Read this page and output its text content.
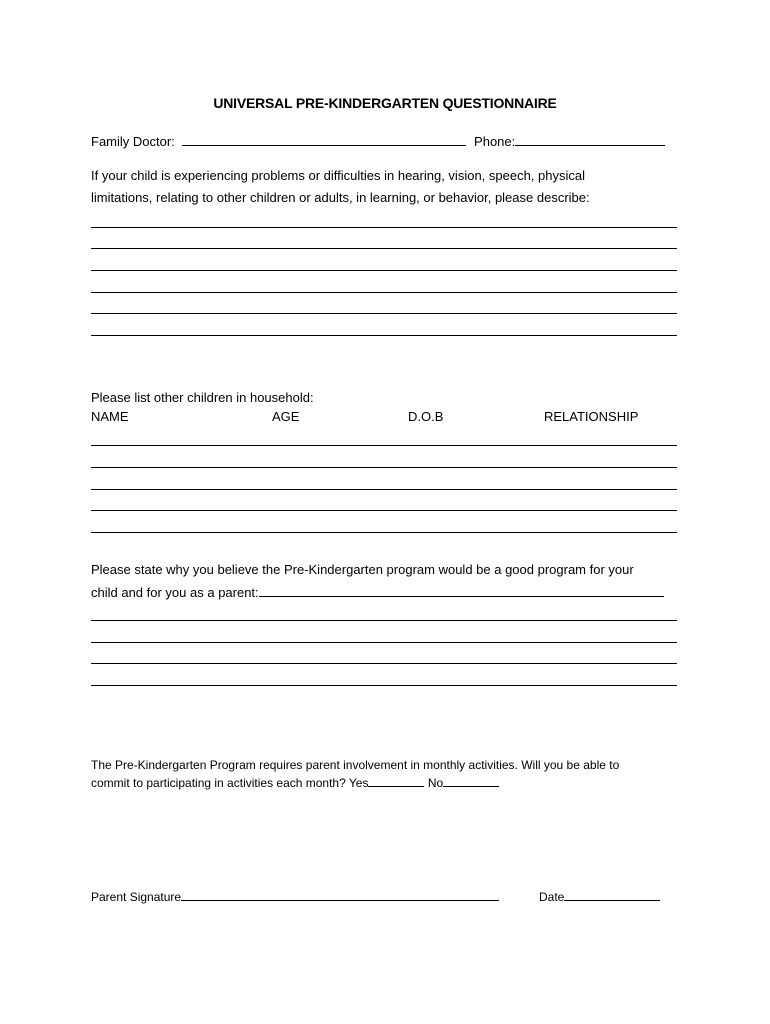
UNIVERSAL PRE-KINDERGARTEN QUESTIONNAIRE
Family Doctor:	Phone:
If your child is experiencing problems or difficulties in hearing, vision, speech, physical
limitations, relating to other children or adults, in learning, or behavior, please describe:
Please list other children in household:
NAME	AGE	D.O.B	RELATIONSHIP
Please state why you believe the Pre-Kindergarten program would be a good program for your
child and for you as a parent:
The Pre-Kindergarten Program requires parent involvement in monthly activities. Will you be able to
commit to participating in activities each month? Yes	No
Parent Signature	Date
